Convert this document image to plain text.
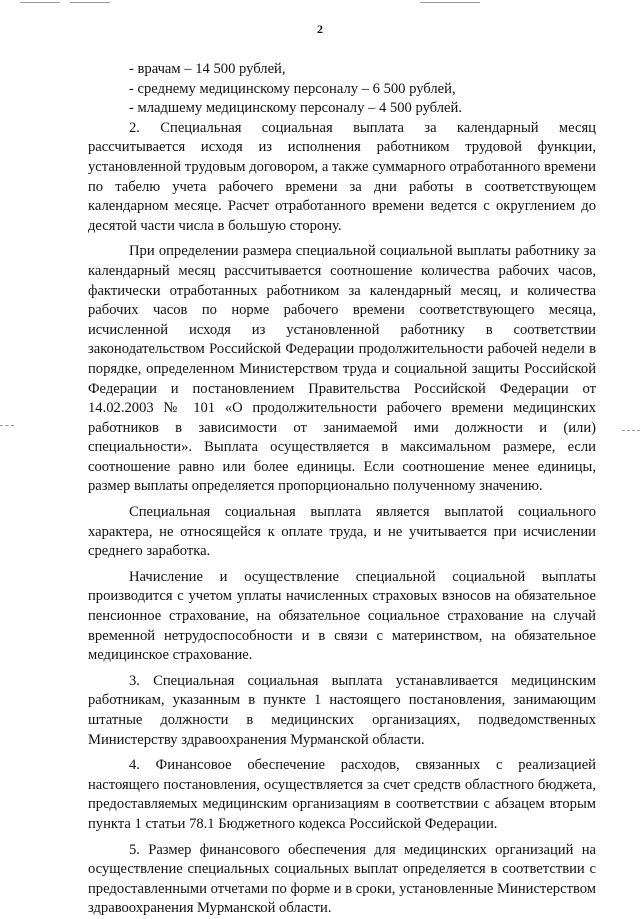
2

- врачам – 14 500 рублей,

- среднему медицинскому персоналу – 6 500 рублей,

- младшему медицинскому персоналу – 4 500 рублей.

2. Специальная социальная выплата за календарный месяц рассчитывается исходя из исполнения работником трудовой функции, установленной трудовым договором, а также суммарного отработанного времени по табелю учета рабочего времени за дни работы в соответствующем календарном месяце. Расчет отработанного времени ведется с округлением до десятой части числа в большую сторону.

При определении размера специальной социальной выплаты работнику за календарный месяц рассчитывается соотношение количества рабочих часов, фактически отработанных работником за календарный месяц, и количества рабочих часов по норме рабочего времени соответствующего месяца, исчисленной исходя из установленной работнику в соответствии законодательством Российской Федерации продолжительности рабочей недели в порядке, определенном Министерством труда и социальной защиты Российской Федерации и постановлением Правительства Российской Федерации от 14.02.2003 № 101 «О продолжительности рабочего времени медицинских работников в зависимости от занимаемой ими должности и (или) специальности». Выплата осуществляется в максимальном размере, если соотношение равно или более единицы. Если соотношение менее единицы, размер выплаты определяется пропорционально полученному значению.

Специальная социальная выплата является выплатой социального характера, не относящейся к оплате труда, и не учитывается при исчислении среднего заработка.

Начисление и осуществление специальной социальной выплаты производится с учетом уплаты начисленных страховых взносов на обязательное пенсионное страхование, на обязательное социальное страхование на случай временной нетрудоспособности и в связи с материнством, на обязательное медицинское страхование.

3. Специальная социальная выплата устанавливается медицинским работникам, указанным в пункте 1 настоящего постановления, занимающим штатные должности в медицинских организациях, подведомственных Министерству здравоохранения Мурманской области.

4. Финансовое обеспечение расходов, связанных с реализацией настоящего постановления, осуществляется за счет средств областного бюджета, предоставляемых медицинским организациям в соответствии с абзацем вторым пункта 1 статьи 78.1 Бюджетного кодекса Российской Федерации.

5. Размер финансового обеспечения для медицинских организаций на осуществление специальных социальных выплат определяется в соответствии с предоставленными отчетами по форме и в сроки, установленные Министерством здравоохранения Мурманской области.
